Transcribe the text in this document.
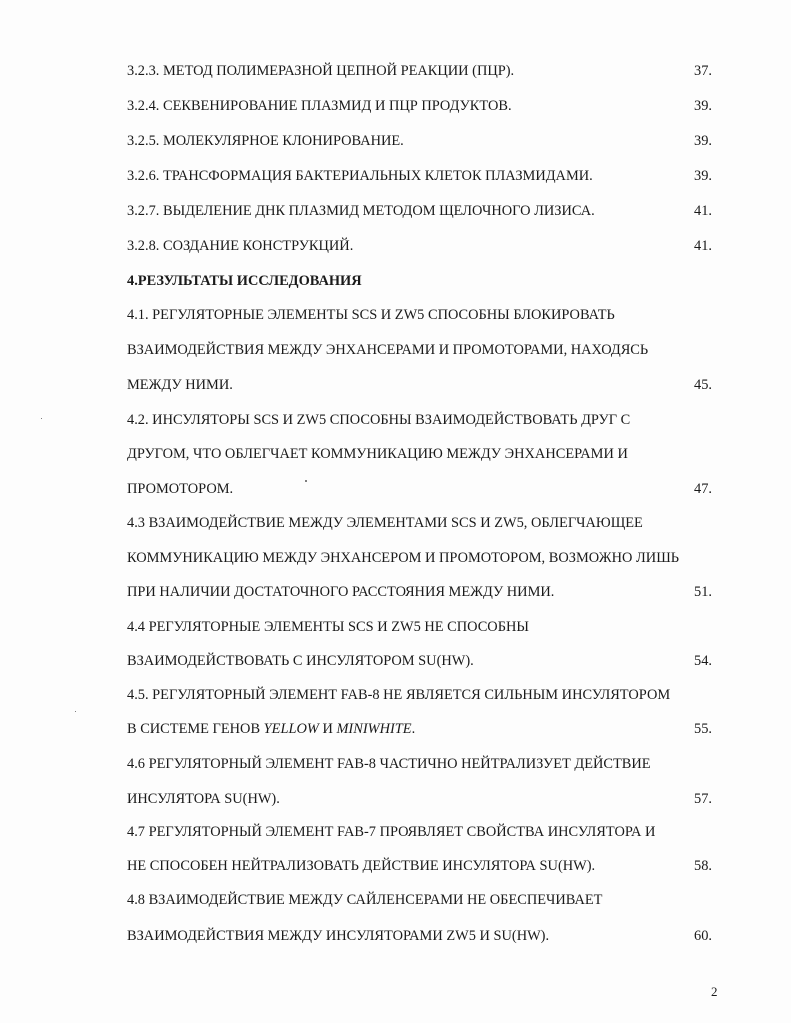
3.2.3. МЕТОД ПОЛИМЕРАЗНОЙ ЦЕПНОЙ РЕАКЦИИ (ПЦР).	37.
3.2.4. СЕКВЕНИРОВАНИЕ ПЛАЗМИД И ПЦР ПРОДУКТОВ.	39.
3.2.5. МОЛЕКУЛЯРНОЕ КЛОНИРОВАНИЕ.	39.
3.2.6. ТРАНСФОРМАЦИЯ БАКТЕРИАЛЬНЫХ КЛЕТОК ПЛАЗМИДАМИ.	39.
3.2.7. ВЫДЕЛЕНИЕ ДНК ПЛАЗМИД МЕТОДОМ ЩЕЛОЧНОГО ЛИЗИСА.	41.
3.2.8. СОЗДАНИЕ КОНСТРУКЦИЙ.	41.
4.РЕЗУЛЬТАТЫ ИССЛЕДОВАНИЯ
4.1. РЕГУЛЯТОРНЫЕ ЭЛЕМЕНТЫ SCS И ZW5 СПОСОБНЫ БЛОКИРОВАТЬ
ВЗАИМОДЕЙСТВИЯ МЕЖДУ ЭНХАНСЕРАМИ И ПРОМОТОРАМИ, НАХОДЯСЬ
МЕЖДУ НИМИ.	45.
4.2. ИНСУЛЯТОРЫ SCS И ZW5 СПОСОБНЫ ВЗАИМОДЕЙСТВОВАТЬ ДРУГ С
ДРУГОМ, ЧТО ОБЛЕГЧАЕТ КОММУНИКАЦИЮ МЕЖДУ ЭНХАНСЕРАМИ И
ПРОМОТОРОМ.	47.
4.3 ВЗАИМОДЕЙСТВИЕ МЕЖДУ ЭЛЕМЕНТАМИ SCS И ZW5, ОБЛЕГЧАЮЩЕЕ
КОММУНИКАЦИЮ МЕЖДУ ЭНХАНСЕРОМ И ПРОМОТОРОМ, ВОЗМОЖНО ЛИШЬ
ПРИ НАЛИЧИИ ДОСТАТОЧНОГО РАССТОЯНИЯ МЕЖДУ НИМИ.	51.
4.4 РЕГУЛЯТОРНЫЕ ЭЛЕМЕНТЫ SCS И ZW5 НЕ СПОСОБНЫ
ВЗАИМОДЕЙСТВОВАТЬ С ИНСУЛЯТОРОМ SU(HW).	54.
4.5. РЕГУЛЯТОРНЫЙ ЭЛЕМЕНТ FAB-8 НЕ ЯВЛЯЕТСЯ СИЛЬНЫМ ИНСУЛЯТОРОМ
В СИСТЕМЕ ГЕНОВ YELLOW И MINIWHITE.	55.
4.6 РЕГУЛЯТОРНЫЙ ЭЛЕМЕНТ FAB-8 ЧАСТИЧНО НЕЙТРАЛИЗУЕТ ДЕЙСТВИЕ
ИНСУЛЯТОРА SU(HW).	57.
4.7 РЕГУЛЯТОРНЫЙ ЭЛЕМЕНТ FAB-7 ПРОЯВЛЯЕТ СВОЙСТВА ИНСУЛЯТОРА И
НЕ СПОСОБЕН НЕЙТРАЛИЗОВАТЬ ДЕЙСТВИЕ ИНСУЛЯТОРА SU(HW).	58.
4.8 ВЗАИМОДЕЙСТВИЕ МЕЖДУ САЙЛЕНСЕРАМИ НЕ ОБЕСПЕЧИВАЕТ
ВЗАИМОДЕЙСТВИЯ МЕЖДУ ИНСУЛЯТОРАМИ ZW5 И SU(HW).	60.
2
